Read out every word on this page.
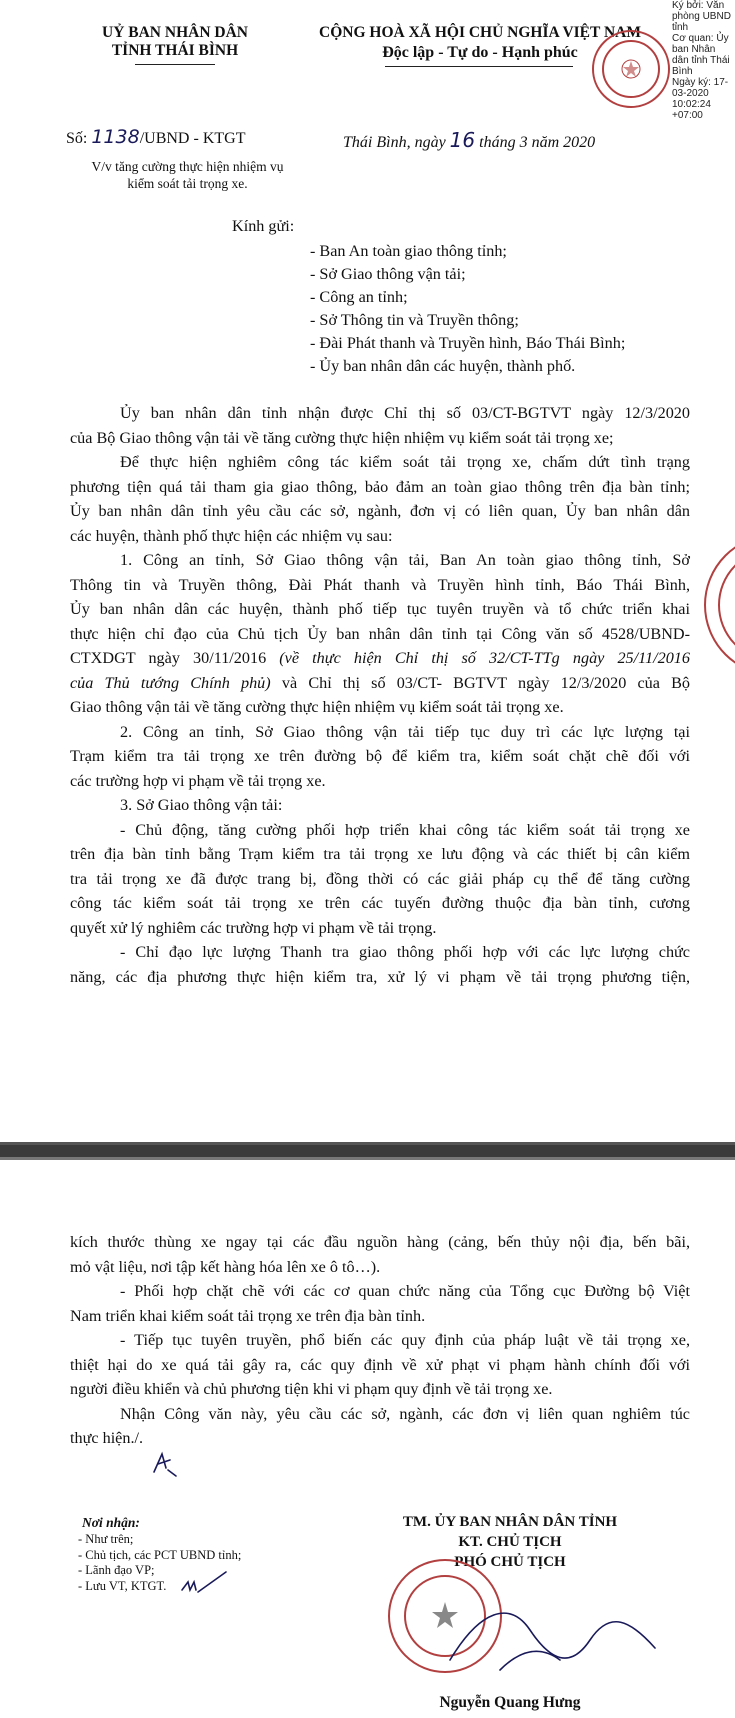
Ký bởi: Văn phòng UBND tỉnh
Cơ quan: Ủy ban Nhân dân tỉnh Thái Bình
Ngày ký: 17-03-2020 10:02:24 +07:00
UỶ BAN NHÂN DÂN
TỈNH THÁI BÌNH
CỘNG HOÀ XÃ HỘI CHỦ NGHĨA VIỆT NAM
Độc lập - Tự do - Hạnh phúc
Số: 1138/UBND - KTGT	Thái Bình, ngày 16 tháng 3 năm 2020
V/v tăng cường thực hiện nhiệm vụ
kiểm soát tải trọng xe.
Kính gửi:
- Ban An toàn giao thông tỉnh;
- Sở Giao thông vận tải;
- Công an tỉnh;
- Sở Thông tin và Truyền thông;
- Đài Phát thanh và Truyền hình, Báo Thái Bình;
- Ủy ban nhân dân các huyện, thành phố.

Ủy ban nhân dân tỉnh nhận được Chỉ thị số 03/CT-BGTVT ngày 12/3/2020

của Bộ Giao thông vận tải về tăng cường thực hiện nhiệm vụ kiểm soát tải trọng xe;

Để thực hiện nghiêm công tác kiểm soát tải trọng xe, chấm dứt tình trạng

phương tiện quá tải tham gia giao thông, bảo đảm an toàn giao thông trên địa bàn tỉnh;

Ủy ban nhân dân tỉnh yêu cầu các sở, ngành, đơn vị có liên quan, Ủy ban nhân dân

các huyện, thành phố thực hiện các nhiệm vụ sau:

1. Công an tỉnh, Sở Giao thông vận tải, Ban An toàn giao thông tỉnh, Sở

Thông tin và Truyền thông, Đài Phát thanh và Truyền hình tỉnh, Báo Thái Bình,

Ủy ban nhân dân các huyện, thành phố tiếp tục tuyên truyền và tổ chức triển khai

thực hiện chỉ đạo của Chủ tịch Ủy ban nhân dân tỉnh tại Công văn số 4528/UBND-

CTXDGT ngày 30/11/2016 (về thực hiện Chỉ thị số 32/CT-TTg ngày 25/11/2016

của Thủ tướng Chính phủ) và Chỉ thị số 03/CT- BGTVT ngày 12/3/2020 của Bộ

Giao thông vận tải về tăng cường thực hiện nhiệm vụ kiểm soát tải trọng xe.

2. Công an tỉnh, Sở Giao thông vận tải tiếp tục duy trì các lực lượng tại

Trạm kiểm tra tải trọng xe trên đường bộ để kiểm tra, kiểm soát chặt chẽ đối với

các trường hợp vi phạm về tải trọng xe.

3. Sở Giao thông vận tải:

- Chủ động, tăng cường phối hợp triển khai công tác kiểm soát tải trọng xe

trên địa bàn tỉnh bằng Trạm kiểm tra tải trọng xe lưu động và các thiết bị cân kiểm

tra tải trọng xe đã được trang bị, đồng thời có các giải pháp cụ thể để tăng cường

công tác kiểm soát tải trọng xe trên các tuyến đường thuộc địa bàn tỉnh, cương

quyết xử lý nghiêm các trường hợp vi phạm về tải trọng.

- Chỉ đạo lực lượng Thanh tra giao thông phối hợp với các lực lượng chức

năng, các địa phương thực hiện kiểm tra, xử lý vi phạm về tải trọng phương tiện,

kích thước thùng xe ngay tại các đầu nguồn hàng (cảng, bến thủy nội địa, bến bãi,

mỏ vật liệu, nơi tập kết hàng hóa lên xe ô tô…).

- Phối hợp chặt chẽ với các cơ quan chức năng của Tổng cục Đường bộ Việt

Nam triển khai kiểm soát tải trọng xe trên địa bàn tỉnh.

- Tiếp tục tuyên truyền, phổ biến các quy định của pháp luật về tải trọng xe,

thiệt hại do xe quá tải gây ra, các quy định về xử phạt vi phạm hành chính đối với

người điều khiển và chủ phương tiện khi vi phạm quy định về tải trọng xe.

Nhận Công văn này, yêu cầu các sở, ngành, các đơn vị liên quan nghiêm túc

thực hiện./.

Nơi nhận:
- Như trên;
- Chủ tịch, các PCT UBND tỉnh;
- Lãnh đạo VP;
- Lưu VT, KTGT.
TM. ỦY BAN NHÂN DÂN TỈNH
KT. CHỦ TỊCH
PHÓ CHỦ TỊCH
Nguyễn Quang Hưng
